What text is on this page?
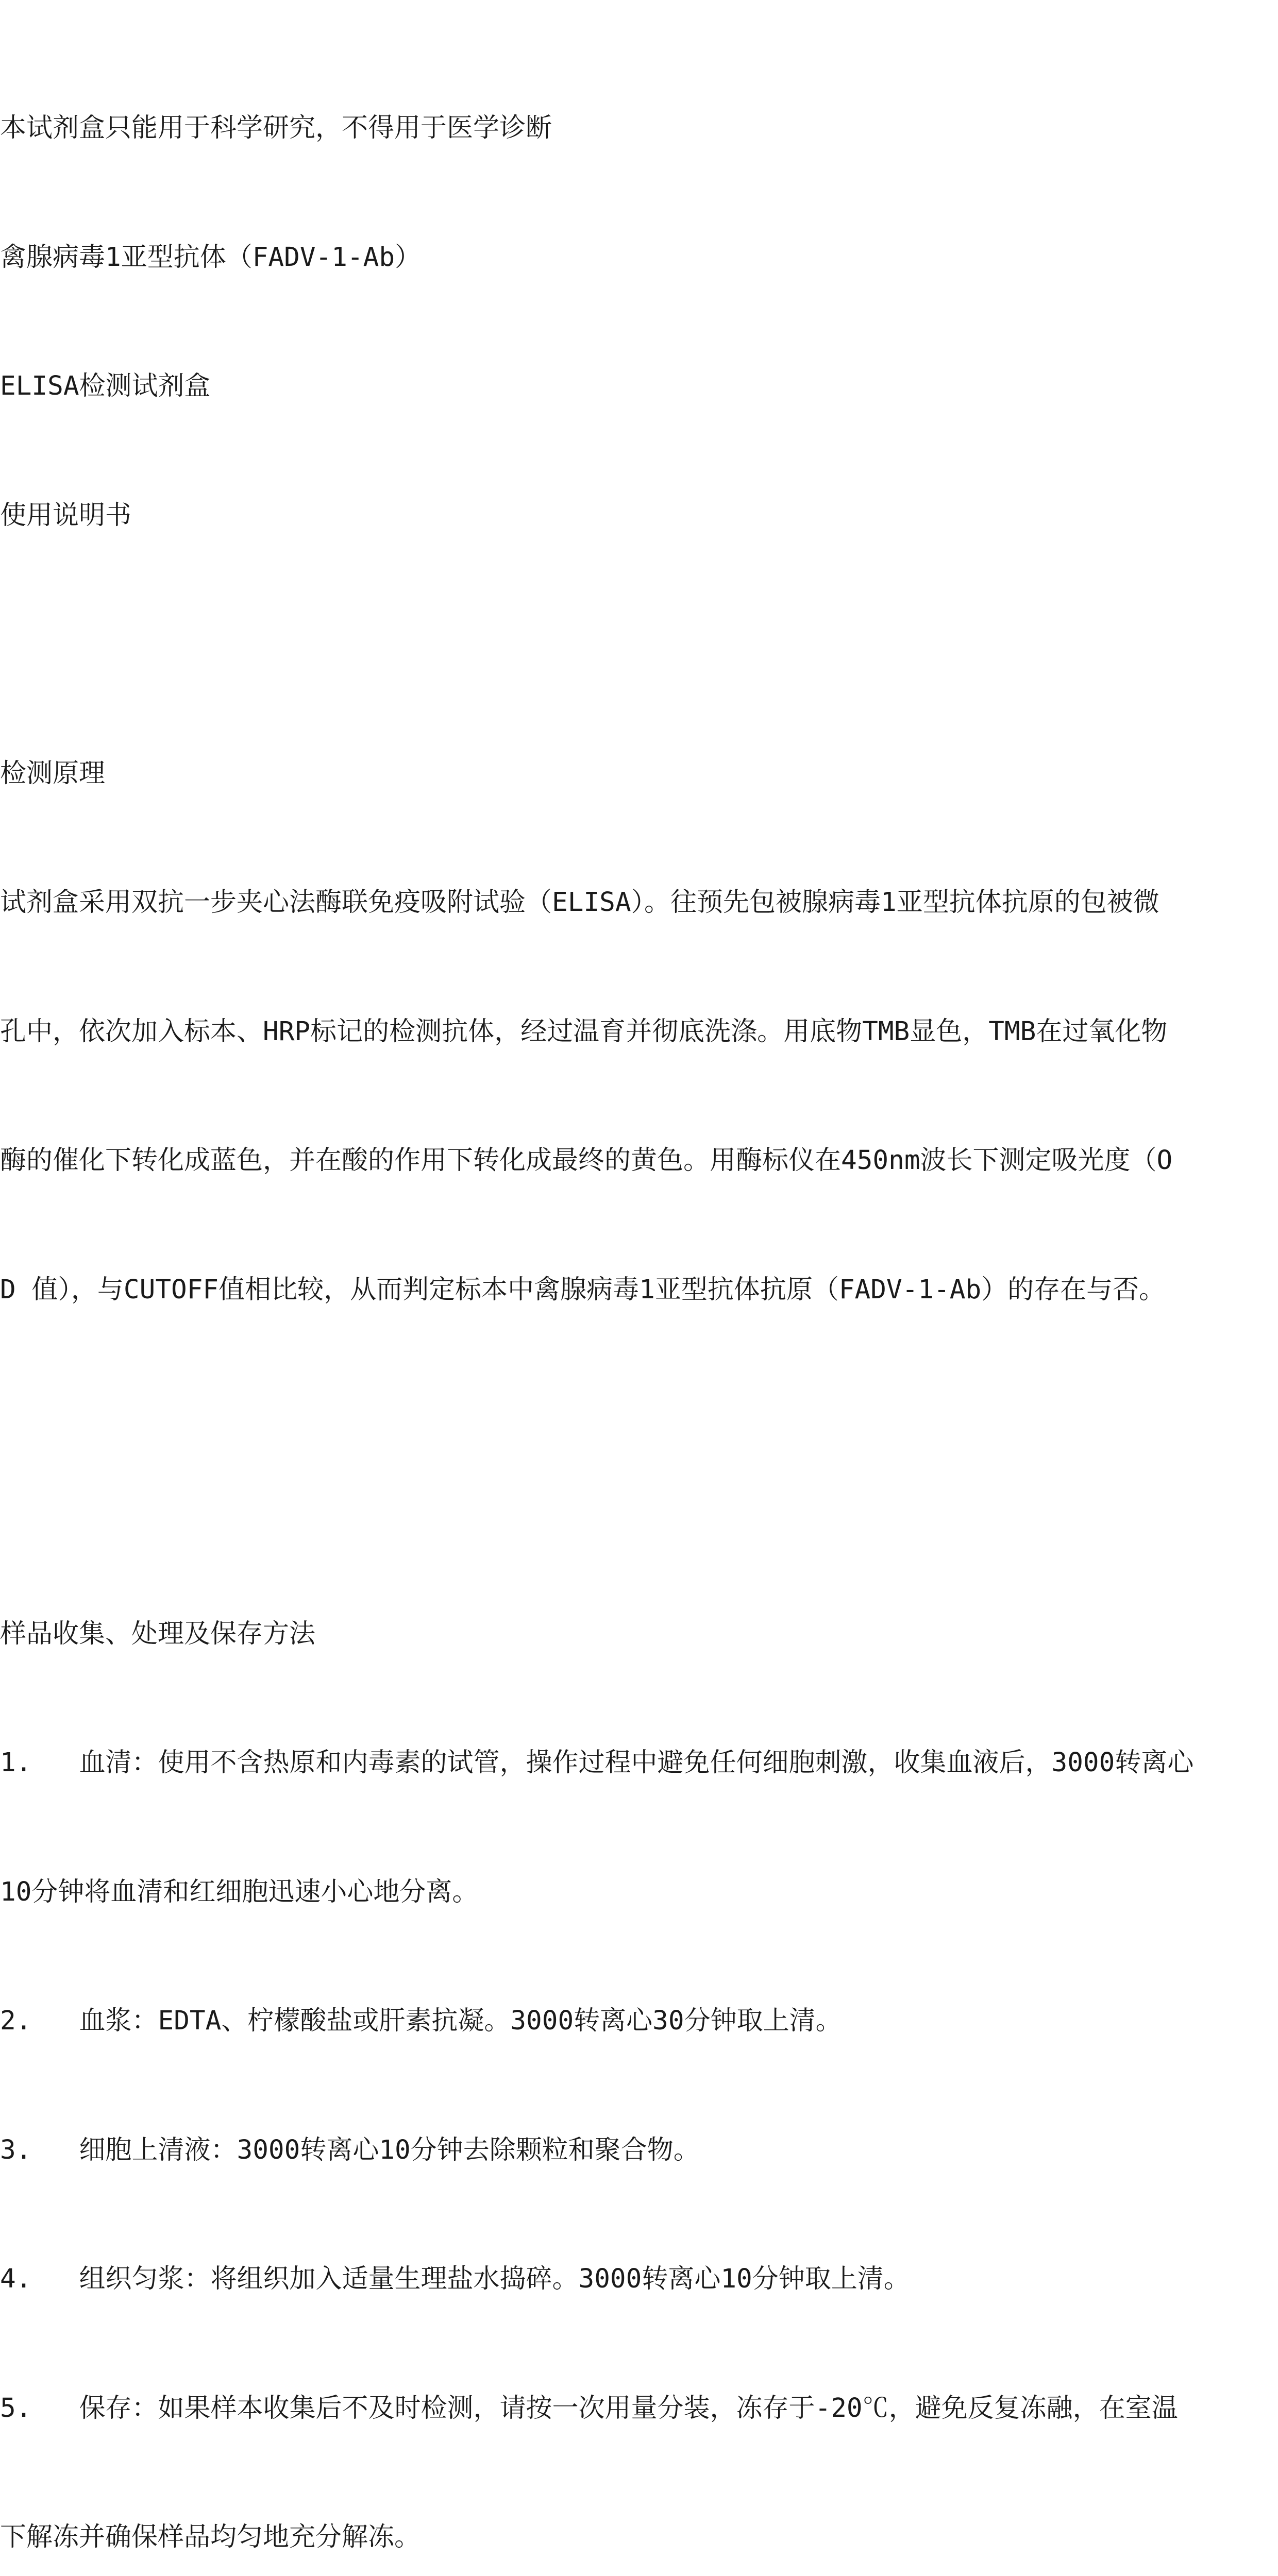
本试剂盒只能用于科学研究，不得用于医学诊断

禽腺病毒1亚型抗体（FADV-1-Ab）

ELISA检测试剂盒

使用说明书

检测原理

试剂盒采用双抗一步夹心法酶联免疫吸附试验（ELISA）。往预先包被腺病毒1亚型抗体抗原的包被微

孔中，依次加入标本、HRP标记的检测抗体，经过温育并彻底洗涤。用底物TMB显色，TMB在过氧化物

酶的催化下转化成蓝色，并在酸的作用下转化成最终的黄色。用酶标仪在450nm波长下测定吸光度（O

D 值），与CUTOFF值相比较，从而判定标本中禽腺病毒1亚型抗体抗原（FADV-1-Ab）的存在与否。

样品收集、处理及保存方法

1.   血清：使用不含热原和内毒素的试管，操作过程中避免任何细胞刺激，收集血液后，3000转离心

10分钟将血清和红细胞迅速小心地分离。

2.   血浆：EDTA、柠檬酸盐或肝素抗凝。3000转离心30分钟取上清。

3.   细胞上清液：3000转离心10分钟去除颗粒和聚合物。

4.   组织匀浆：将组织加入适量生理盐水捣碎。3000转离心10分钟取上清。

5.   保存：如果样本收集后不及时检测，请按一次用量分装，冻存于-20℃，避免反复冻融，在室温

下解冻并确保样品均匀地充分解冻。
